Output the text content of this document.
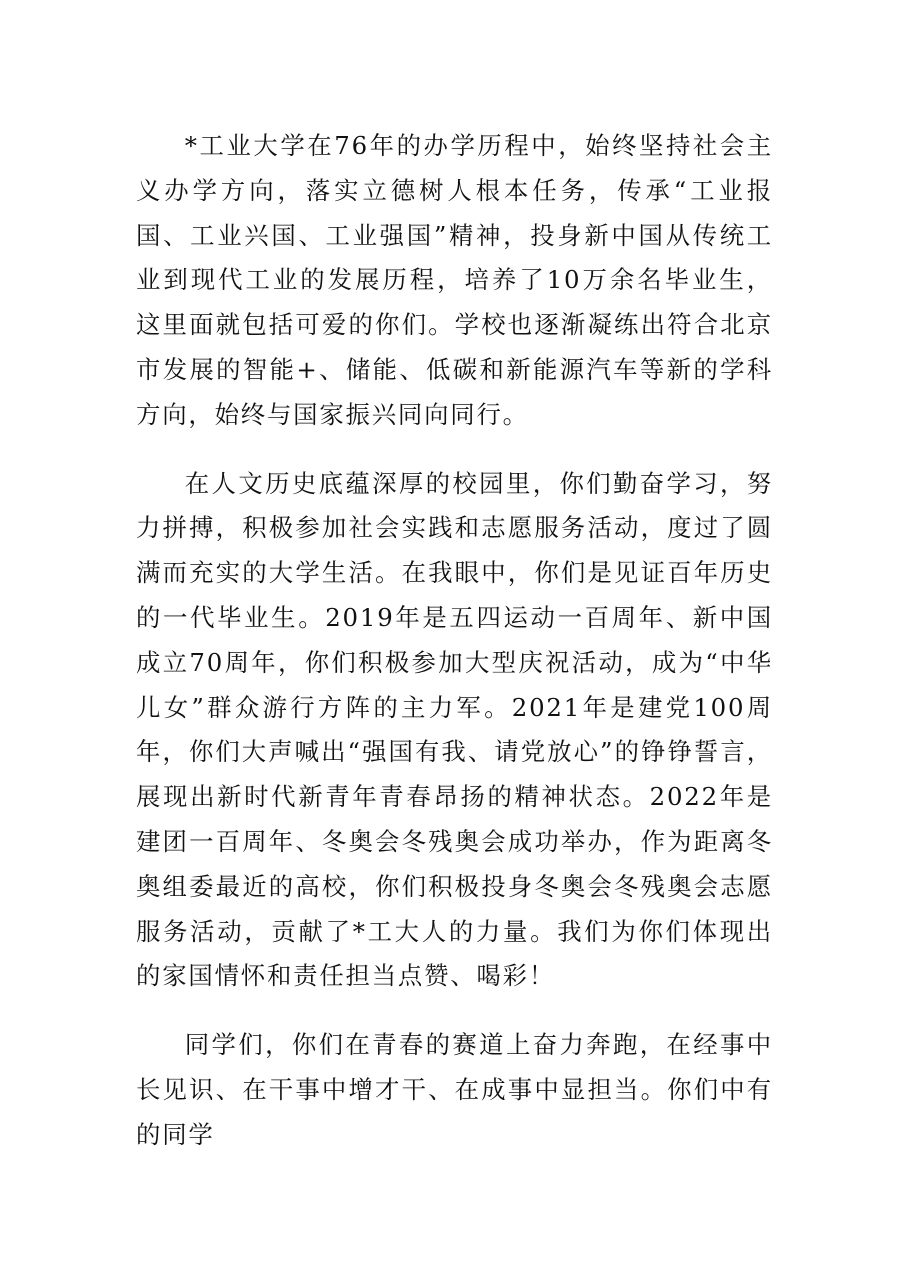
*工业大学在76年的办学历程中，始终坚持社会主义办学方向，落实立德树人根本任务，传承“工业报国、工业兴国、工业强国”精神，投身新中国从传统工业到现代工业的发展历程，培养了10万余名毕业生，这里面就包括可爱的你们。学校也逐渐凝练出符合北京市发展的智能+、储能、低碳和新能源汽车等新的学科方向，始终与国家振兴同向同行。

在人文历史底蕴深厚的校园里，你们勤奋学习，努力拼搏，积极参加社会实践和志愿服务活动，度过了圆满而充实的大学生活。在我眼中，你们是见证百年历史的一代毕业生。2019年是五四运动一百周年、新中国成立70周年，你们积极参加大型庆祝活动，成为“中华儿女”群众游行方阵的主力军。2021年是建党100周年，你们大声喊出“强国有我、请党放心”的铮铮誓言，展现出新时代新青年青春昂扬的精神状态。2022年是建团一百周年、冬奥会冬残奥会成功举办，作为距离冬奥组委最近的高校，你们积极投身冬奥会冬残奥会志愿服务活动，贡献了*工大人的力量。我们为你们体现出的家国情怀和责任担当点赞、喝彩！

同学们，你们在青春的赛道上奋力奔跑，在经事中长见识、在干事中增才干、在成事中显担当。你们中有的同学
